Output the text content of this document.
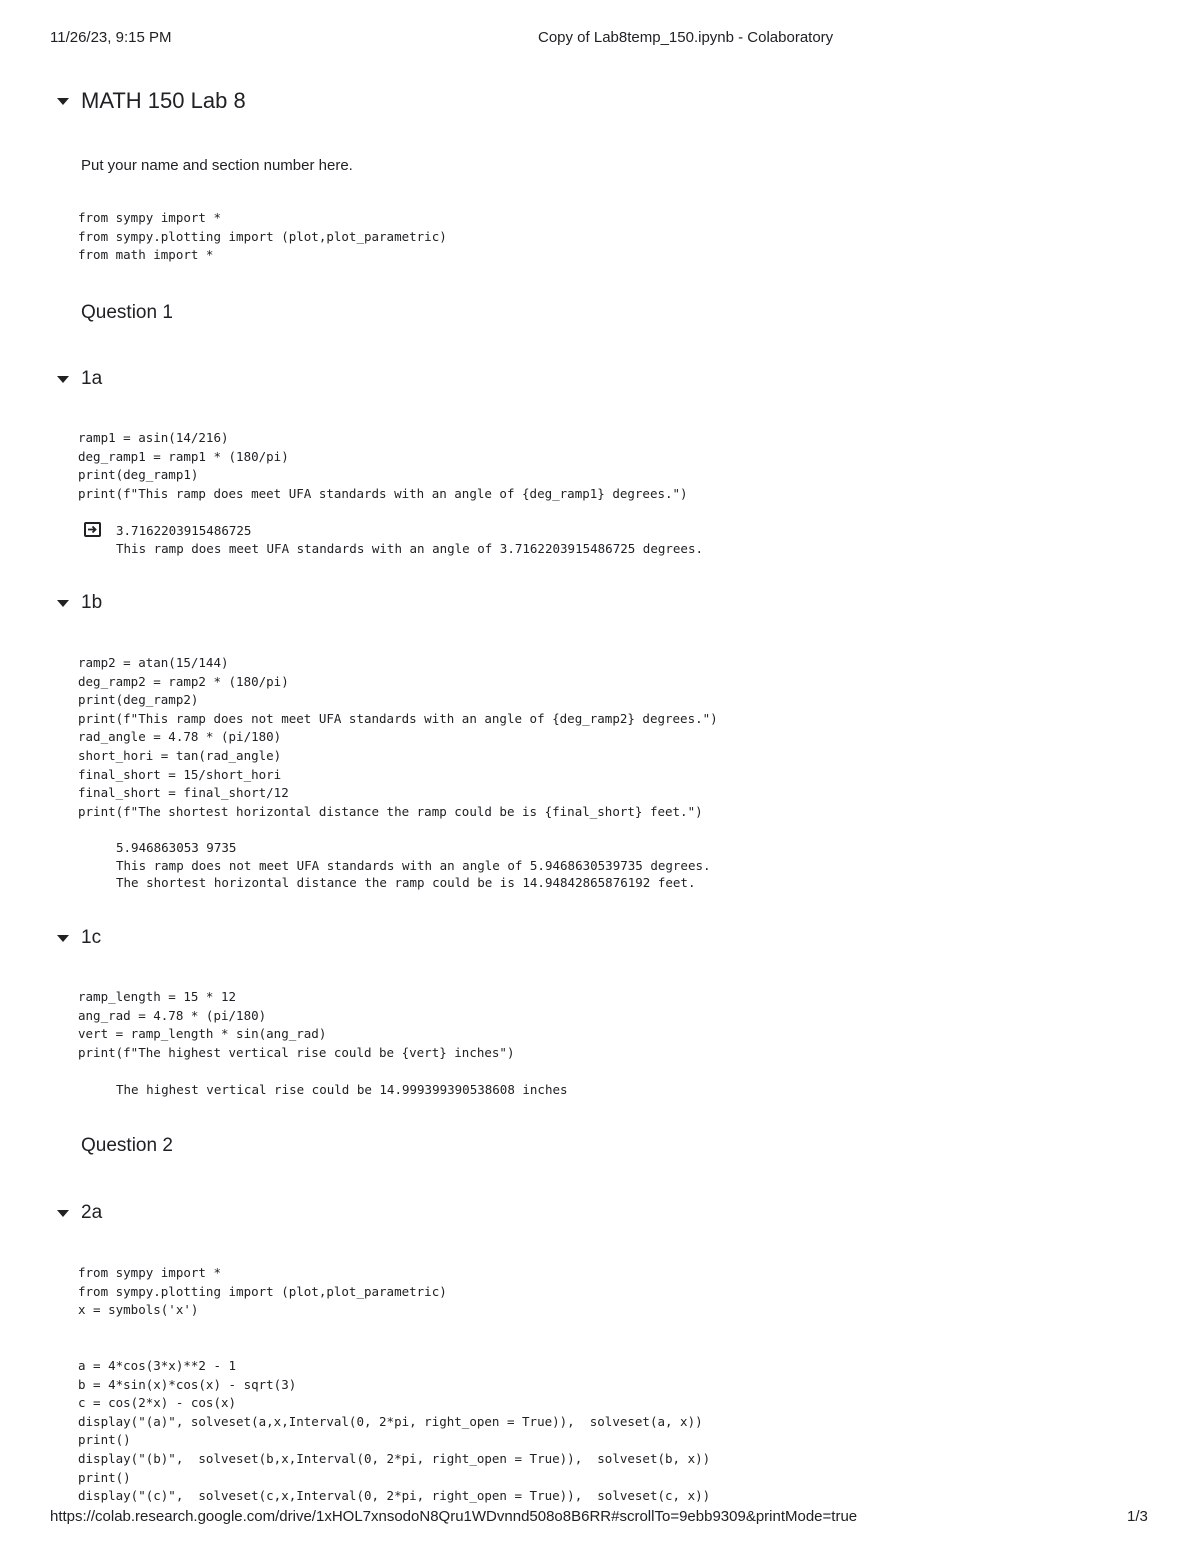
11/26/23, 9:15 PM	Copy of Lab8temp_150.ipynb - Colaboratory
MATH 150 Lab 8
Put your name and section number here.
from sympy import *
from sympy.plotting import (plot,plot_parametric)
from math import *
Question 1
1a
ramp1 = asin(14/216)
deg_ramp1 = ramp1 * (180/pi)
print(deg_ramp1)
print(f"This ramp does meet UFA standards with an angle of {deg_ramp1} degrees.")
3.7162203915486725
This ramp does meet UFA standards with an angle of 3.7162203915486725 degrees.
1b
ramp2 = atan(15/144)
deg_ramp2 = ramp2 * (180/pi)
print(deg_ramp2)
print(f"This ramp does not meet UFA standards with an angle of {deg_ramp2} degrees.")
rad_angle = 4.78 * (pi/180)
short_hori = tan(rad_angle)
final_short = 15/short_hori
final_short = final_short/12
print(f"The shortest horizontal distance the ramp could be is {final_short} feet.")
5.946863053 9735
This ramp does not meet UFA standards with an angle of 5.9468630539735 degrees.
The shortest horizontal distance the ramp could be is 14.94842865876192 feet.
1c
ramp_length = 15 * 12
ang_rad = 4.78 * (pi/180)
vert = ramp_length * sin(ang_rad)
print(f"The highest vertical rise could be {vert} inches")
The highest vertical rise could be 14.999399390538608 inches
Question 2
2a
from sympy import *
from sympy.plotting import (plot,plot_parametric)
x = symbols('x')

a = 4*cos(3*x)**2 - 1
b = 4*sin(x)*cos(x) - sqrt(3)
c = cos(2*x) - cos(x)
display("(a)", solveset(a,x,Interval(0, 2*pi, right_open = True)),  solveset(a, x))
print()
display("(b)",  solveset(b,x,Interval(0, 2*pi, right_open = True)),  solveset(b, x))
print()
display("(c)",  solveset(c,x,Interval(0, 2*pi, right_open = True)),  solveset(c, x))
https://colab.research.google.com/drive/1xHOL7xnsodoN8Qru1WDvnnd508o8B6RR#scrollTo=9ebb9309&printMode=true	1/3
